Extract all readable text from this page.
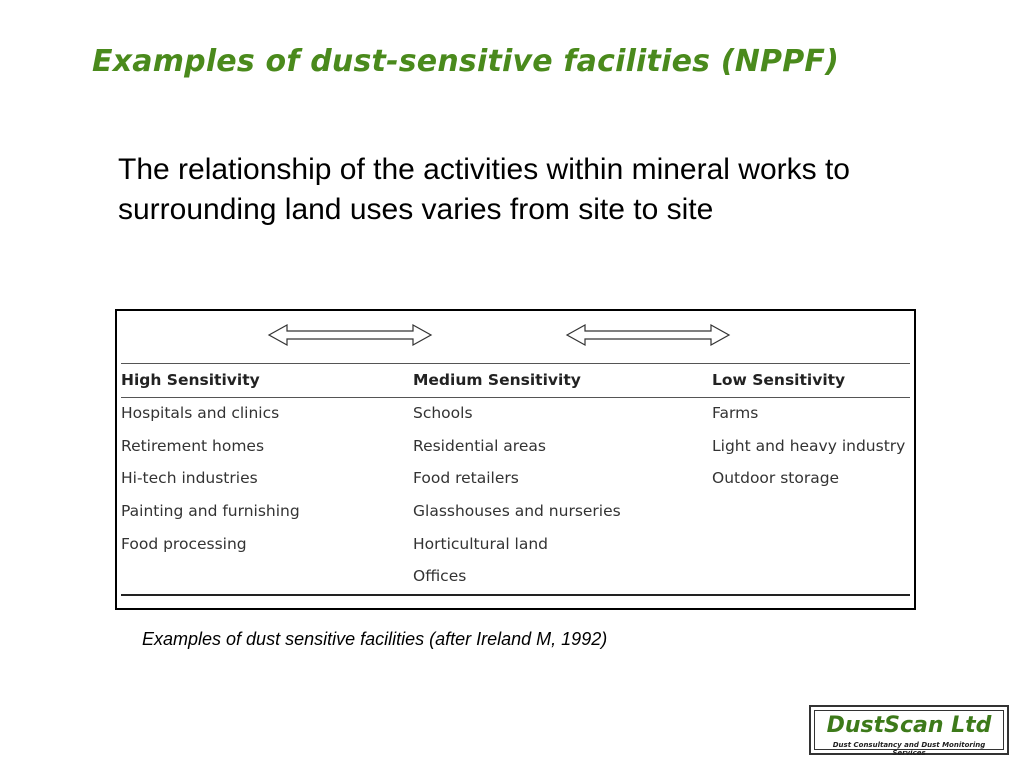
Examples of dust-sensitive facilities (NPPF)
The relationship of the activities within mineral works to surrounding land uses varies from site to site
High Sensitivity	Medium Sensitivity	Low Sensitivity
Hospitals and clinics
Retirement homes
Hi-tech industries
Painting and furnishing
Food processing
Schools
Residential areas
Food retailers
Glasshouses and nurseries
Horticultural land
Offices
Farms
Light and heavy industry
Outdoor storage
Examples of dust sensitive facilities (after Ireland M, 1992)
DustScan Ltd
Dust Consultancy and Dust Monitoring Services
